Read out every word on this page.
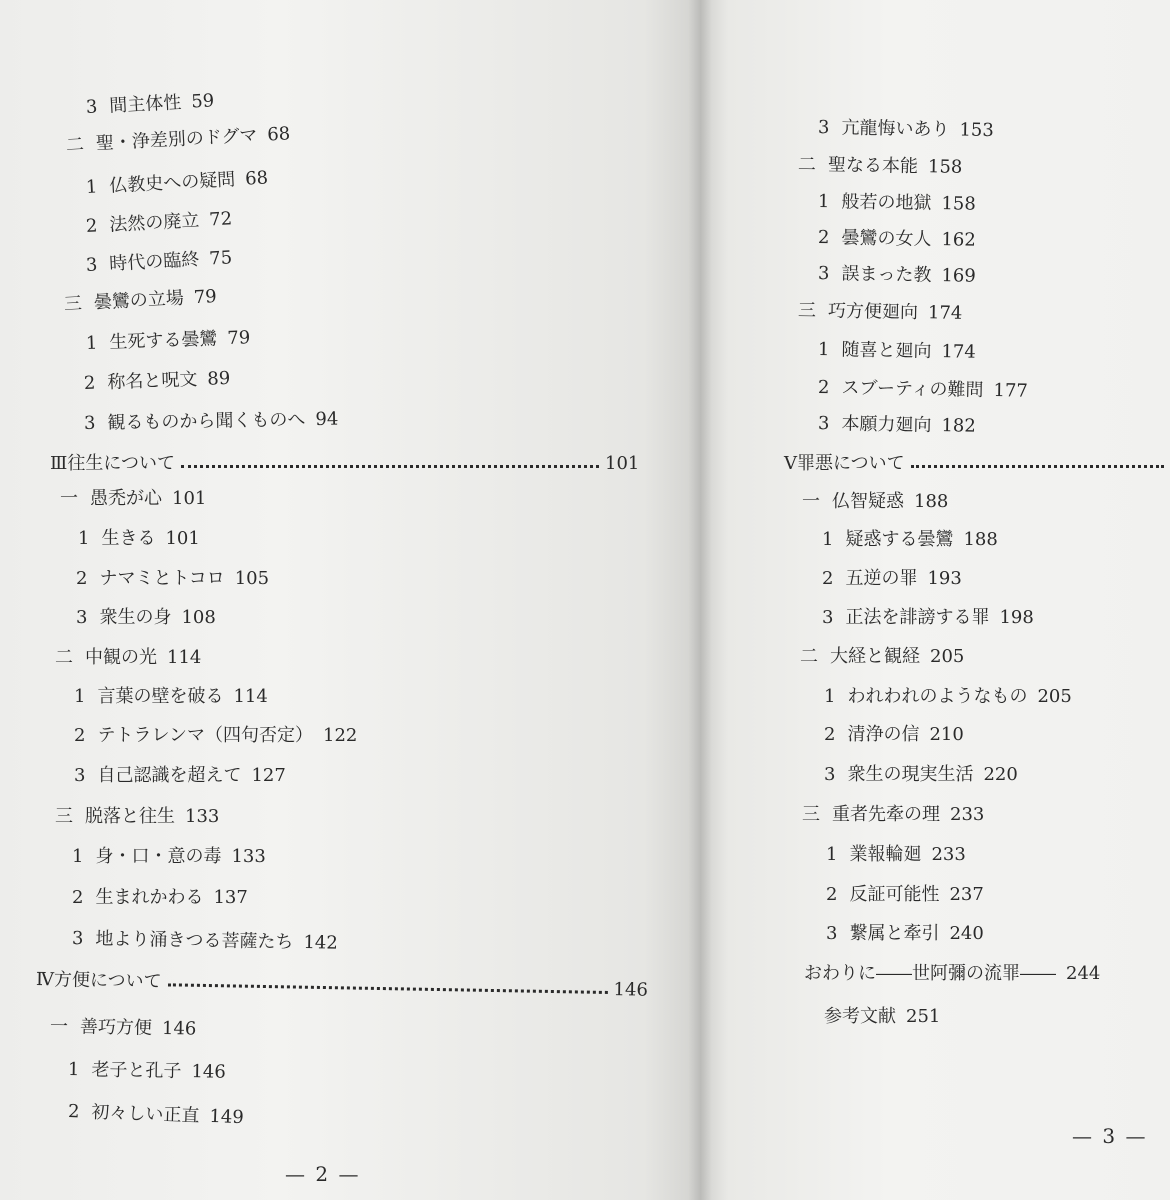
3 間主体性 59
二 聖・浄差別のドグマ 68
1 仏教史への疑問 68
2 法然の廃立 72
3 時代の臨終 75
三 曇鸞の立場 79
1 生死する曇鸞 79
2 称名と呪文 89
3 観るものから聞くものへ 94
Ⅲ往生について	101
一 愚禿が心 101
1 生きる 101
2 ナマミとトコロ 105
3 衆生の身 108
二 中観の光 114
1 言葉の壁を破る 114
2 テトラレンマ（四句否定） 122
3 自己認識を超えて 127
三 脱落と往生 133
1 身・口・意の毒 133
2 生まれかわる 137
3 地より涌きつる菩薩たち 142
Ⅳ方便について	146
一 善巧方便 146
1 老子と孔子 146
2 初々しい正直 149
— 2 —
3 亢龍悔いあり 153
二 聖なる本能 158
1 般若の地獄 158
2 曇鸞の女人 162
3 誤まった教 169
三 巧方便廻向 174
1 随喜と廻向 174
2 スブーティの難問 177
3 本願力廻向 182
Ⅴ罪悪について
一 仏智疑惑 188
1 疑惑する曇鸞 188
2 五逆の罪 193
3 正法を誹謗する罪 198
二 大経と観経 205
1 われわれのようなもの 205
2 清浄の信 210
3 衆生の現実生活 220
三 重者先牽の理 233
1 業報輪廻 233
2 反証可能性 237
3 繋属と牽引 240
おわりに――世阿彌の流罪―― 244
参考文献 251
— 3 —
